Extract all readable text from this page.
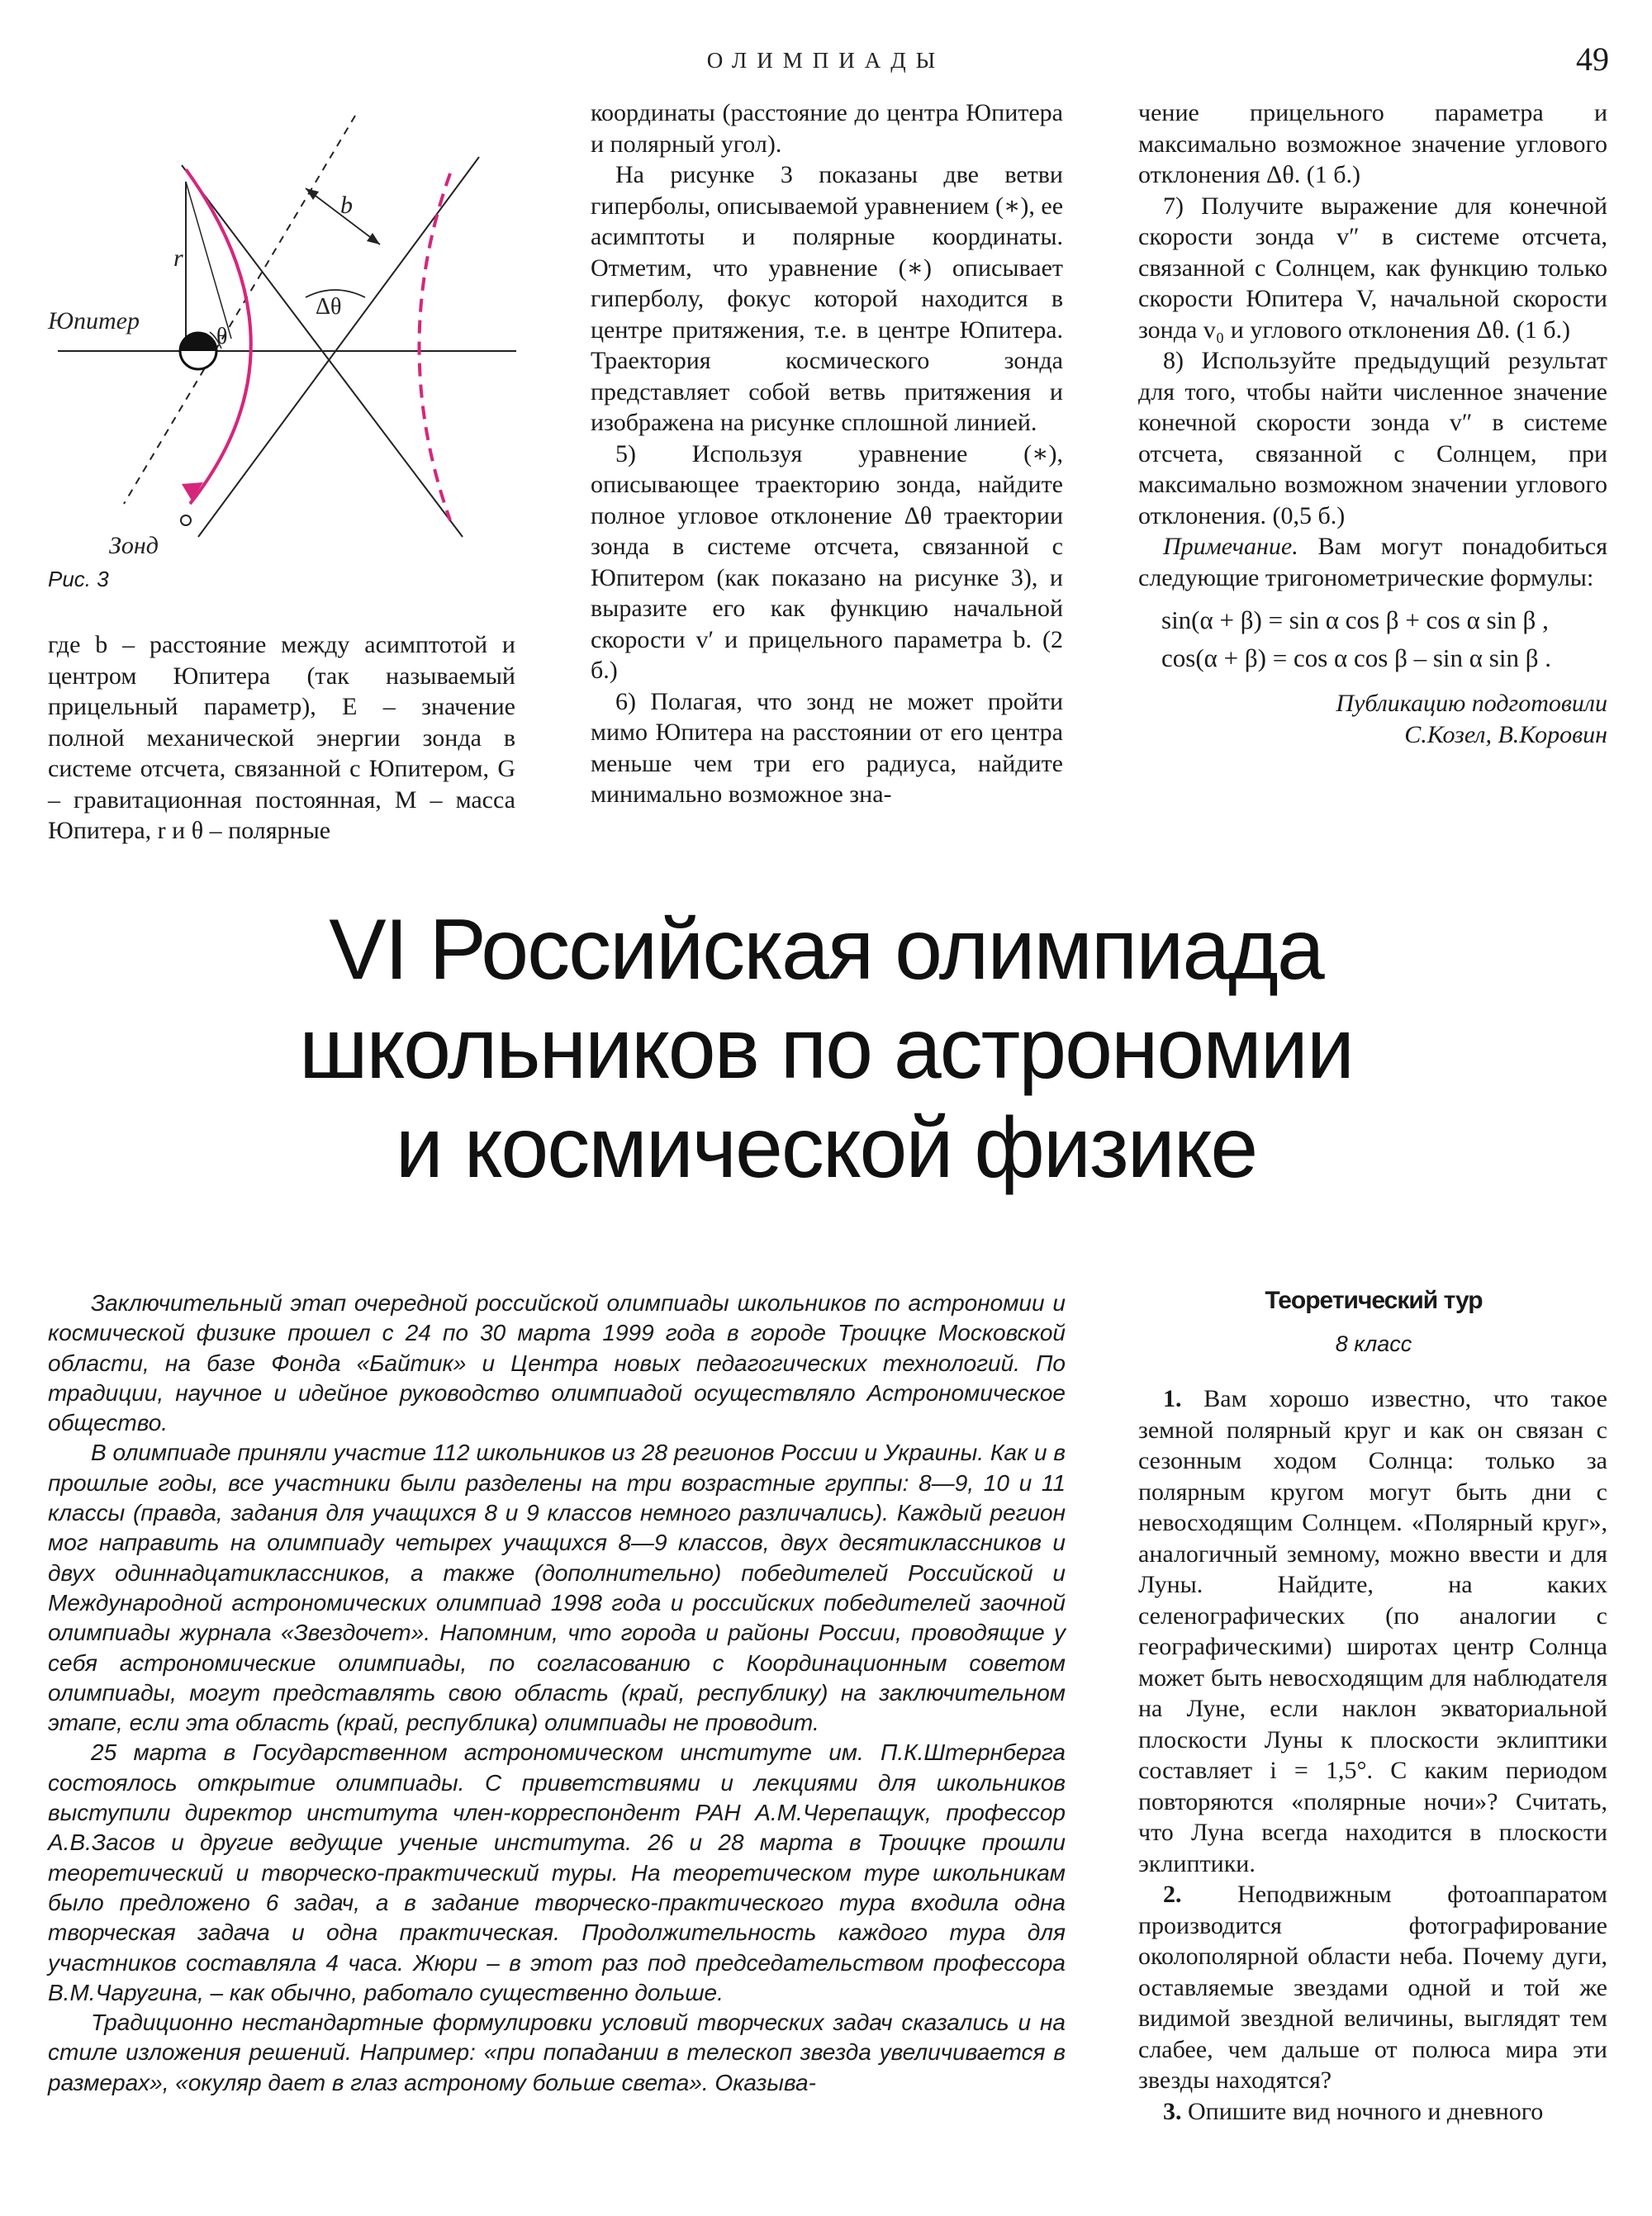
ОЛИМПИАДЫ	49
Юпитер
Зонд
r
b
θ
Δθ
Рис. 3

где b – расстояние между асимптотой и центром Юпитера (так называемый прицельный параметр), E – значение полной механической энергии зонда в системе отсчета, связанной с Юпитером, G – гравитационная постоянная, M – масса Юпитера, r и θ – полярные

координаты (расстояние до центра Юпитера и полярный угол).

На рисунке 3 показаны две ветви гиперболы, описываемой уравнением (∗), ее асимптоты и полярные координаты. Отметим, что уравнение (∗) описывает гиперболу, фокус которой находится в центре притяжения, т.е. в центре Юпитера. Траектория космического зонда представляет собой ветвь притяжения и изображена на рисунке сплошной линией.

5) Используя уравнение (∗), описывающее траекторию зонда, найдите полное угловое отклонение Δθ траектории зонда в системе отсчета, связанной с Юпитером (как показано на рисунке 3), и выразите его как функцию начальной скорости v′ и прицельного параметра b. (2 б.)

6) Полагая, что зонд не может пройти мимо Юпитера на расстоянии от его центра меньше чем три его радиуса, найдите минимально возможное зна-

чение прицельного параметра и максимально возможное значение углового отклонения Δθ. (1 б.)

7) Получите выражение для конечной скорости зонда v″ в системе отсчета, связанной с Солнцем, как функцию только скорости Юпитера V, начальной скорости зонда v₀ и углового отклонения Δθ. (1 б.)

8) Используйте предыдущий результат для того, чтобы найти численное значение конечной скорости зонда v″ в системе отсчета, связанной с Солнцем, при максимально возможном значении углового отклонения. (0,5 б.)

Примечание. Вам могут понадобиться следующие тригонометрические формулы:

sin(α + β) = sin α cos β + cos α sin β ,

cos(α + β) = cos α cos β – sin α sin β .

Публикацию подготовили

С.Козел, В.Коровин

VI Российская олимпиада
школьников по астрономии
и космической физике

Заключительный этап очередной российской олимпиады школьников по астрономии и космической физике прошел с 24 по 30 марта 1999 года в городе Троицке Московской области, на базе Фонда «Байтик» и Центра новых педагогических технологий. По традиции, научное и идейное руководство олимпиадой осуществляло Астрономическое общество.

В олимпиаде приняли участие 112 школьников из 28 регионов России и Украины. Как и в прошлые годы, все участники были разделены на три возрастные группы: 8—9, 10 и 11 классы (правда, задания для учащихся 8 и 9 классов немного различались). Каждый регион мог направить на олимпиаду четырех учащихся 8—9 классов, двух десятиклассников и двух одиннадцатиклассников, а также (дополнительно) победителей Российской и Международной астрономических олимпиад 1998 года и российских победителей заочной олимпиады журнала «Звездочет». Напомним, что города и районы России, проводящие у себя астрономические олимпиады, по согласованию с Координационным советом олимпиады, могут представлять свою область (край, республику) на заключительном этапе, если эта область (край, республика) олимпиады не проводит.

25 марта в Государственном астрономическом институте им. П.К.Штернберга состоялось открытие олимпиады. С приветствиями и лекциями для школьников выступили директор института член-корреспондент РАН А.М.Черепащук, профессор А.В.Засов и другие ведущие ученые института. 26 и 28 марта в Троицке прошли теоретический и творческо-практический туры. На теоретическом туре школьникам было предложено 6 задач, а в задание творческо-практического тура входила одна творческая задача и одна практическая. Продолжительность каждого тура для участников составляла 4 часа. Жюри – в этот раз под председательством профессора В.М.Чаругина, – как обычно, работало существенно дольше.

Традиционно нестандартные формулировки условий творческих задач сказались и на стиле изложения решений. Например: «при попадании в телескоп звезда увеличивается в размерах», «окуляр дает в глаз астроному больше света». Оказыва-

Теоретический тур
8 класс

1. Вам хорошо известно, что такое земной полярный круг и как он связан с сезонным ходом Солнца: только за полярным кругом могут быть дни с невосходящим Солнцем. «Полярный круг», аналогичный земному, можно ввести и для Луны. Найдите, на каких селенографических (по аналогии с географическими) широтах центр Солнца может быть невосходящим для наблюдателя на Луне, если наклон экваториальной плоскости Луны к плоскости эклиптики составляет i = 1,5°. С каким периодом повторяются «полярные ночи»? Считать, что Луна всегда находится в плоскости эклиптики.

2. Неподвижным фотоаппаратом производится фотографирование околополярной области неба. Почему дуги, оставляемые звездами одной и той же видимой звездной величины, выглядят тем слабее, чем дальше от полюса мира эти звезды находятся?

3. Опишите вид ночного и дневного
